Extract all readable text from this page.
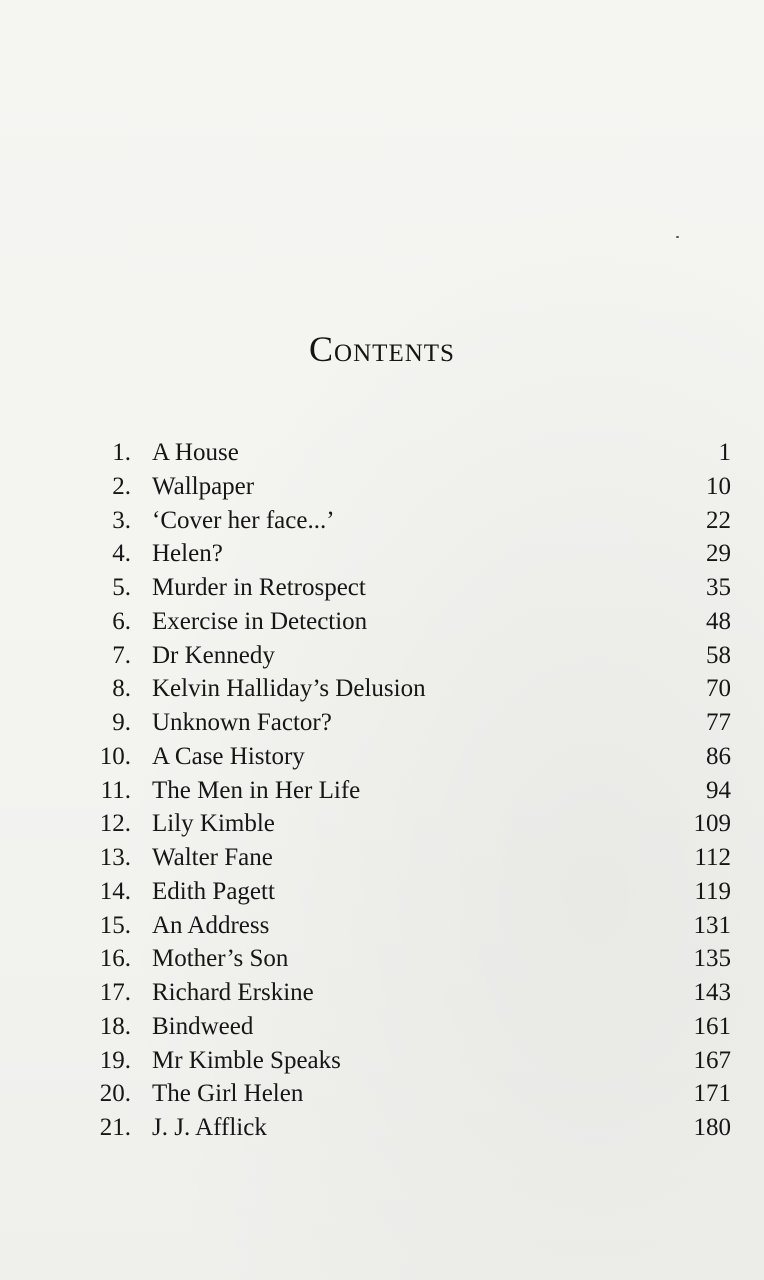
Contents
1. A House	1
2. Wallpaper	10
3. ‘Cover her face...’	22
4. Helen?	29
5. Murder in Retrospect	35
6. Exercise in Detection	48
7. Dr Kennedy	58
8. Kelvin Halliday’s Delusion	70
9. Unknown Factor?	77
10. A Case History	86
11. The Men in Her Life	94
12. Lily Kimble	109
13. Walter Fane	112
14. Edith Pagett	119
15. An Address	131
16. Mother’s Son	135
17. Richard Erskine	143
18. Bindweed	161
19. Mr Kimble Speaks	167
20. The Girl Helen	171
21. J. J. Afflick	180
